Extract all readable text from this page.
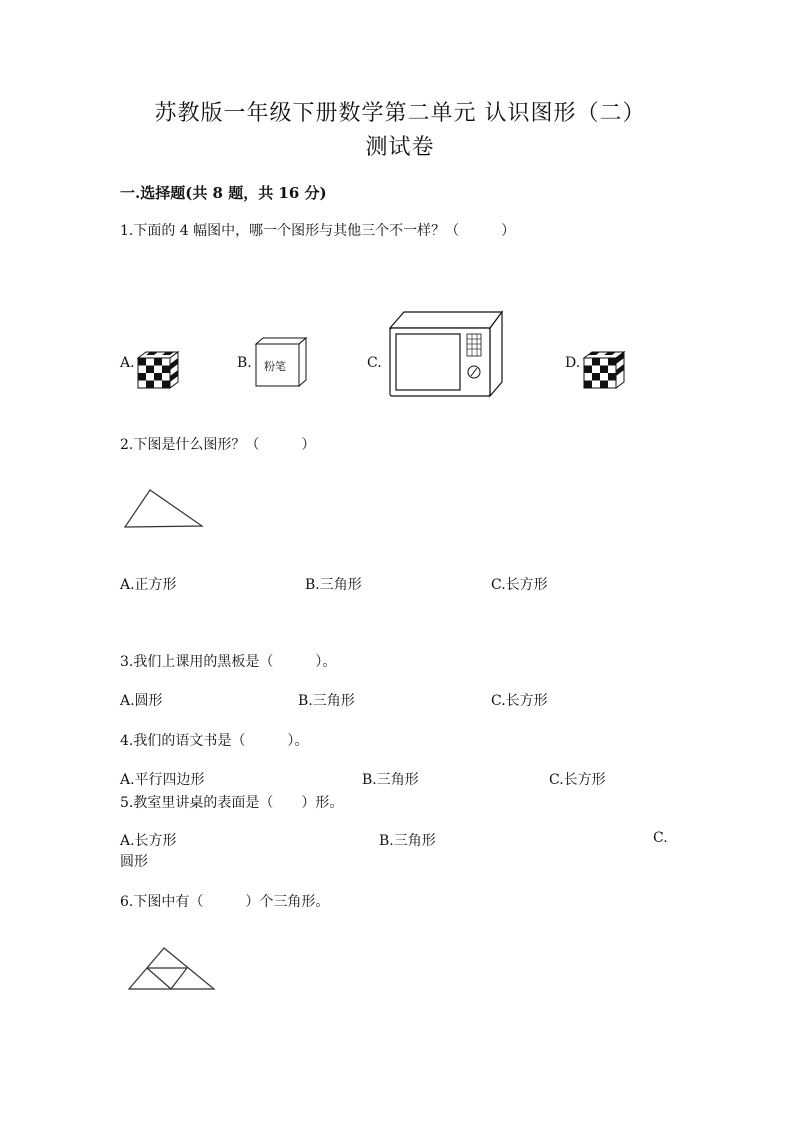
苏教版一年级下册数学第二单元 认识图形（二）
测试卷
一.选择题(共 8 题，共 16 分)
1.下面的 4 幅图中，哪一个图形与其他三个不一样？（　　　）
A.	B. 粉笔	C.	D.
2.下图是什么图形？（　　　）
A.正方形	B.三角形	C.长方形
3.我们上课用的黑板是（　　　）。
A.圆形	B.三角形	C.长方形
4.我们的语文书是（　　　）。
A.平行四边形	B.三角形	C.长方形
5.教室里讲桌的表面是（　　）形。
A.长方形	B.三角形	C.
圆形
6.下图中有（　　　）个三角形。
